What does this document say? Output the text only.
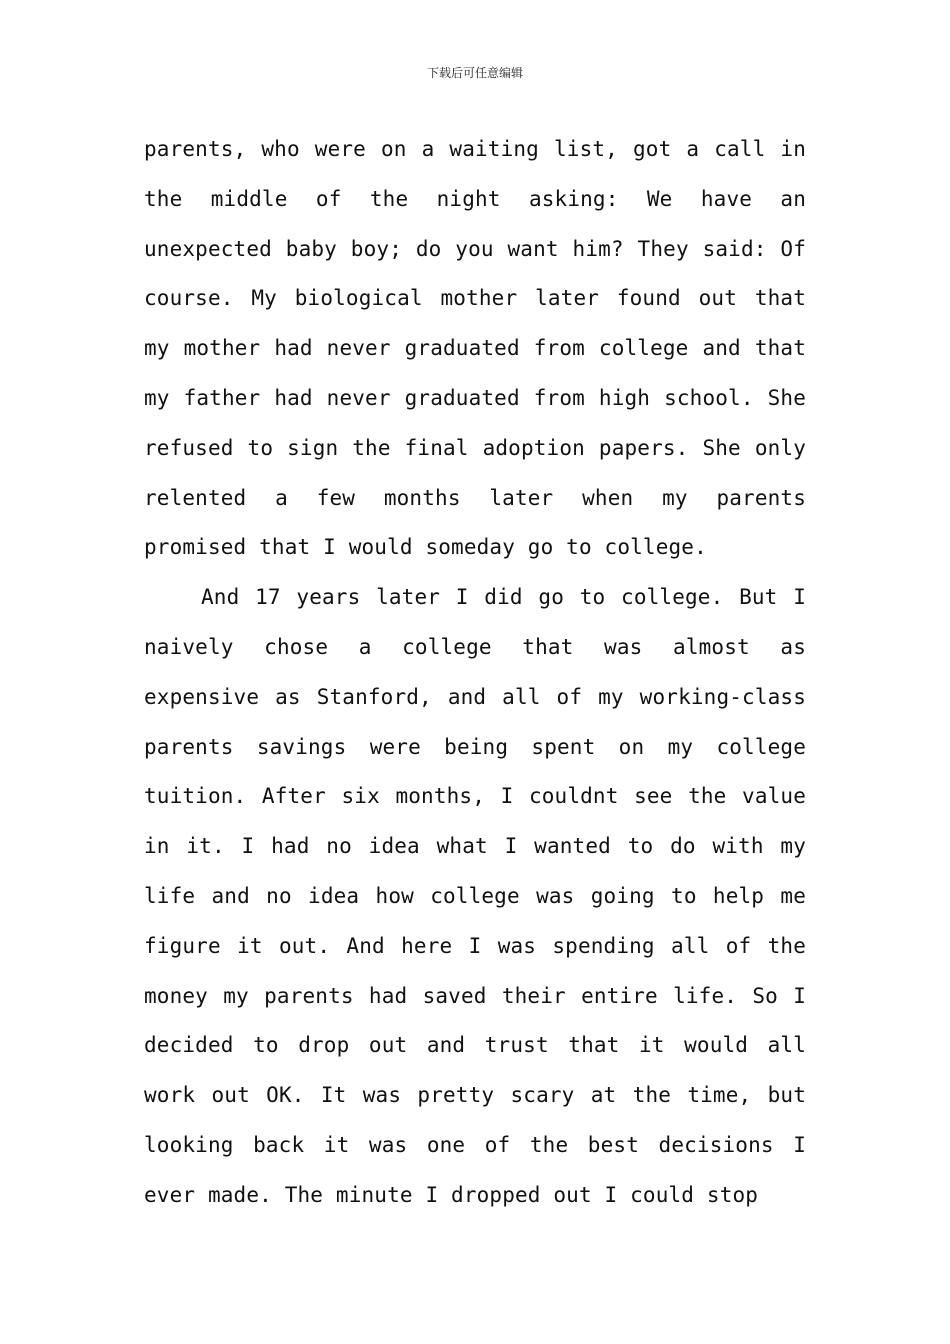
下载后可任意编辑

parents, who were on a waiting list, got a call in the middle of the night asking: We have an unexpected baby boy; do you want him? They said: Of course. My biological mother later found out that my mother had never graduated from college and that my father had never graduated from high school. She refused to sign the final adoption papers. She only relented a few months later when my parents promised that I would someday go to college.

And 17 years later I did go to college. But I naively chose a college that was almost as expensive as Stanford, and all of my working-class parents savings were being spent on my college tuition. After six months, I couldnt see the value in it. I had no idea what I wanted to do with my life and no idea how college was going to help me figure it out. And here I was spending all of the money my parents had saved their entire life. So I decided to drop out and trust that it would all work out OK. It was pretty scary at the time, but looking back it was one of the best decisions I ever made. The minute I dropped out I could stop
